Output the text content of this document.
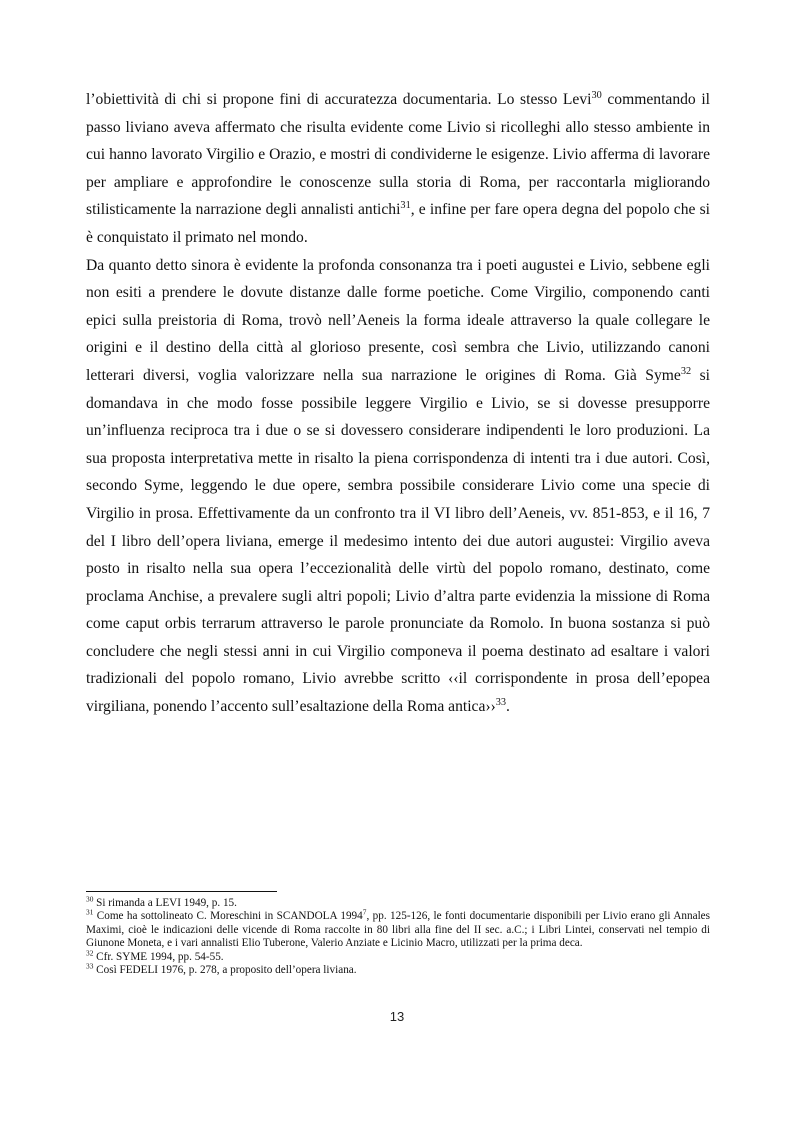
l’obiettività di chi si propone fini di accuratezza documentaria. Lo stesso Levi$^{30}$ commentando il passo liviano aveva affermato che risulta evidente come Livio si ricolleghi allo stesso ambiente in cui hanno lavorato Virgilio e Orazio, e mostri di condividerne le esigenze. Livio afferma di lavorare per ampliare e approfondire le conoscenze sulla storia di Roma, per raccontarla migliorando stilisticamente la narrazione degli annalisti antichi$^{31}$, e infine per fare opera degna del popolo che si è conquistato il primato nel mondo.

Da quanto detto sinora è evidente la profonda consonanza tra i poeti augustei e Livio, sebbene egli non esiti a prendere le dovute distanze dalle forme poetiche. Come Virgilio, componendo canti epici sulla preistoria di Roma, trovò nell’Aeneis la forma ideale attraverso la quale collegare le origini e il destino della città al glorioso presente, così sembra che Livio, utilizzando canoni letterari diversi, voglia valorizzare nella sua narrazione le origines di Roma. Già Syme$^{32}$ si domandava in che modo fosse possibile leggere Virgilio e Livio, se si dovesse presupporre un’influenza reciproca tra i due o se si dovessero considerare indipendenti le loro produzioni. La sua proposta interpretativa mette in risalto la piena corrispondenza di intenti tra i due autori. Così, secondo Syme, leggendo le due opere, sembra possibile considerare Livio come una specie di Virgilio in prosa. Effettivamente da un confronto tra il VI libro dell’Aeneis, vv. 851-853, e il 16, 7 del I libro dell’opera liviana, emerge il medesimo intento dei due autori augustei: Virgilio aveva posto in risalto nella sua opera l’eccezionalità delle virtù del popolo romano, destinato, come proclama Anchise, a prevalere sugli altri popoli; Livio d’altra parte evidenzia la missione di Roma come caput orbis terrarum attraverso le parole pronunciate da Romolo. In buona sostanza si può concludere che negli stessi anni in cui Virgilio componeva il poema destinato ad esaltare i valori tradizionali del popolo romano, Livio avrebbe scritto ‹‹il corrispondente in prosa dell’epopea virgiliana, ponendo l’accento sull’esaltazione della Roma antica››$^{33}$.

$^{30}$ Si rimanda a LEVI 1949, p. 15.

$^{31}$ Come ha sottolineato C. Moreschini in SCANDOLA 1994$^7$, pp. 125-126, le fonti documentarie disponibili per Livio erano gli Annales Maximi, cioè le indicazioni delle vicende di Roma raccolte in 80 libri alla fine del II sec. a.C.; i Libri Lintei, conservati nel tempio di Giunone Moneta, e i vari annalisti Elio Tuberone, Valerio Anziate e Licinio Macro, utilizzati per la prima deca.

$^{32}$ Cfr. SYME 1994, pp. 54-55.

$^{33}$ Così FEDELI 1976, p. 278, a proposito dell’opera liviana.

13
